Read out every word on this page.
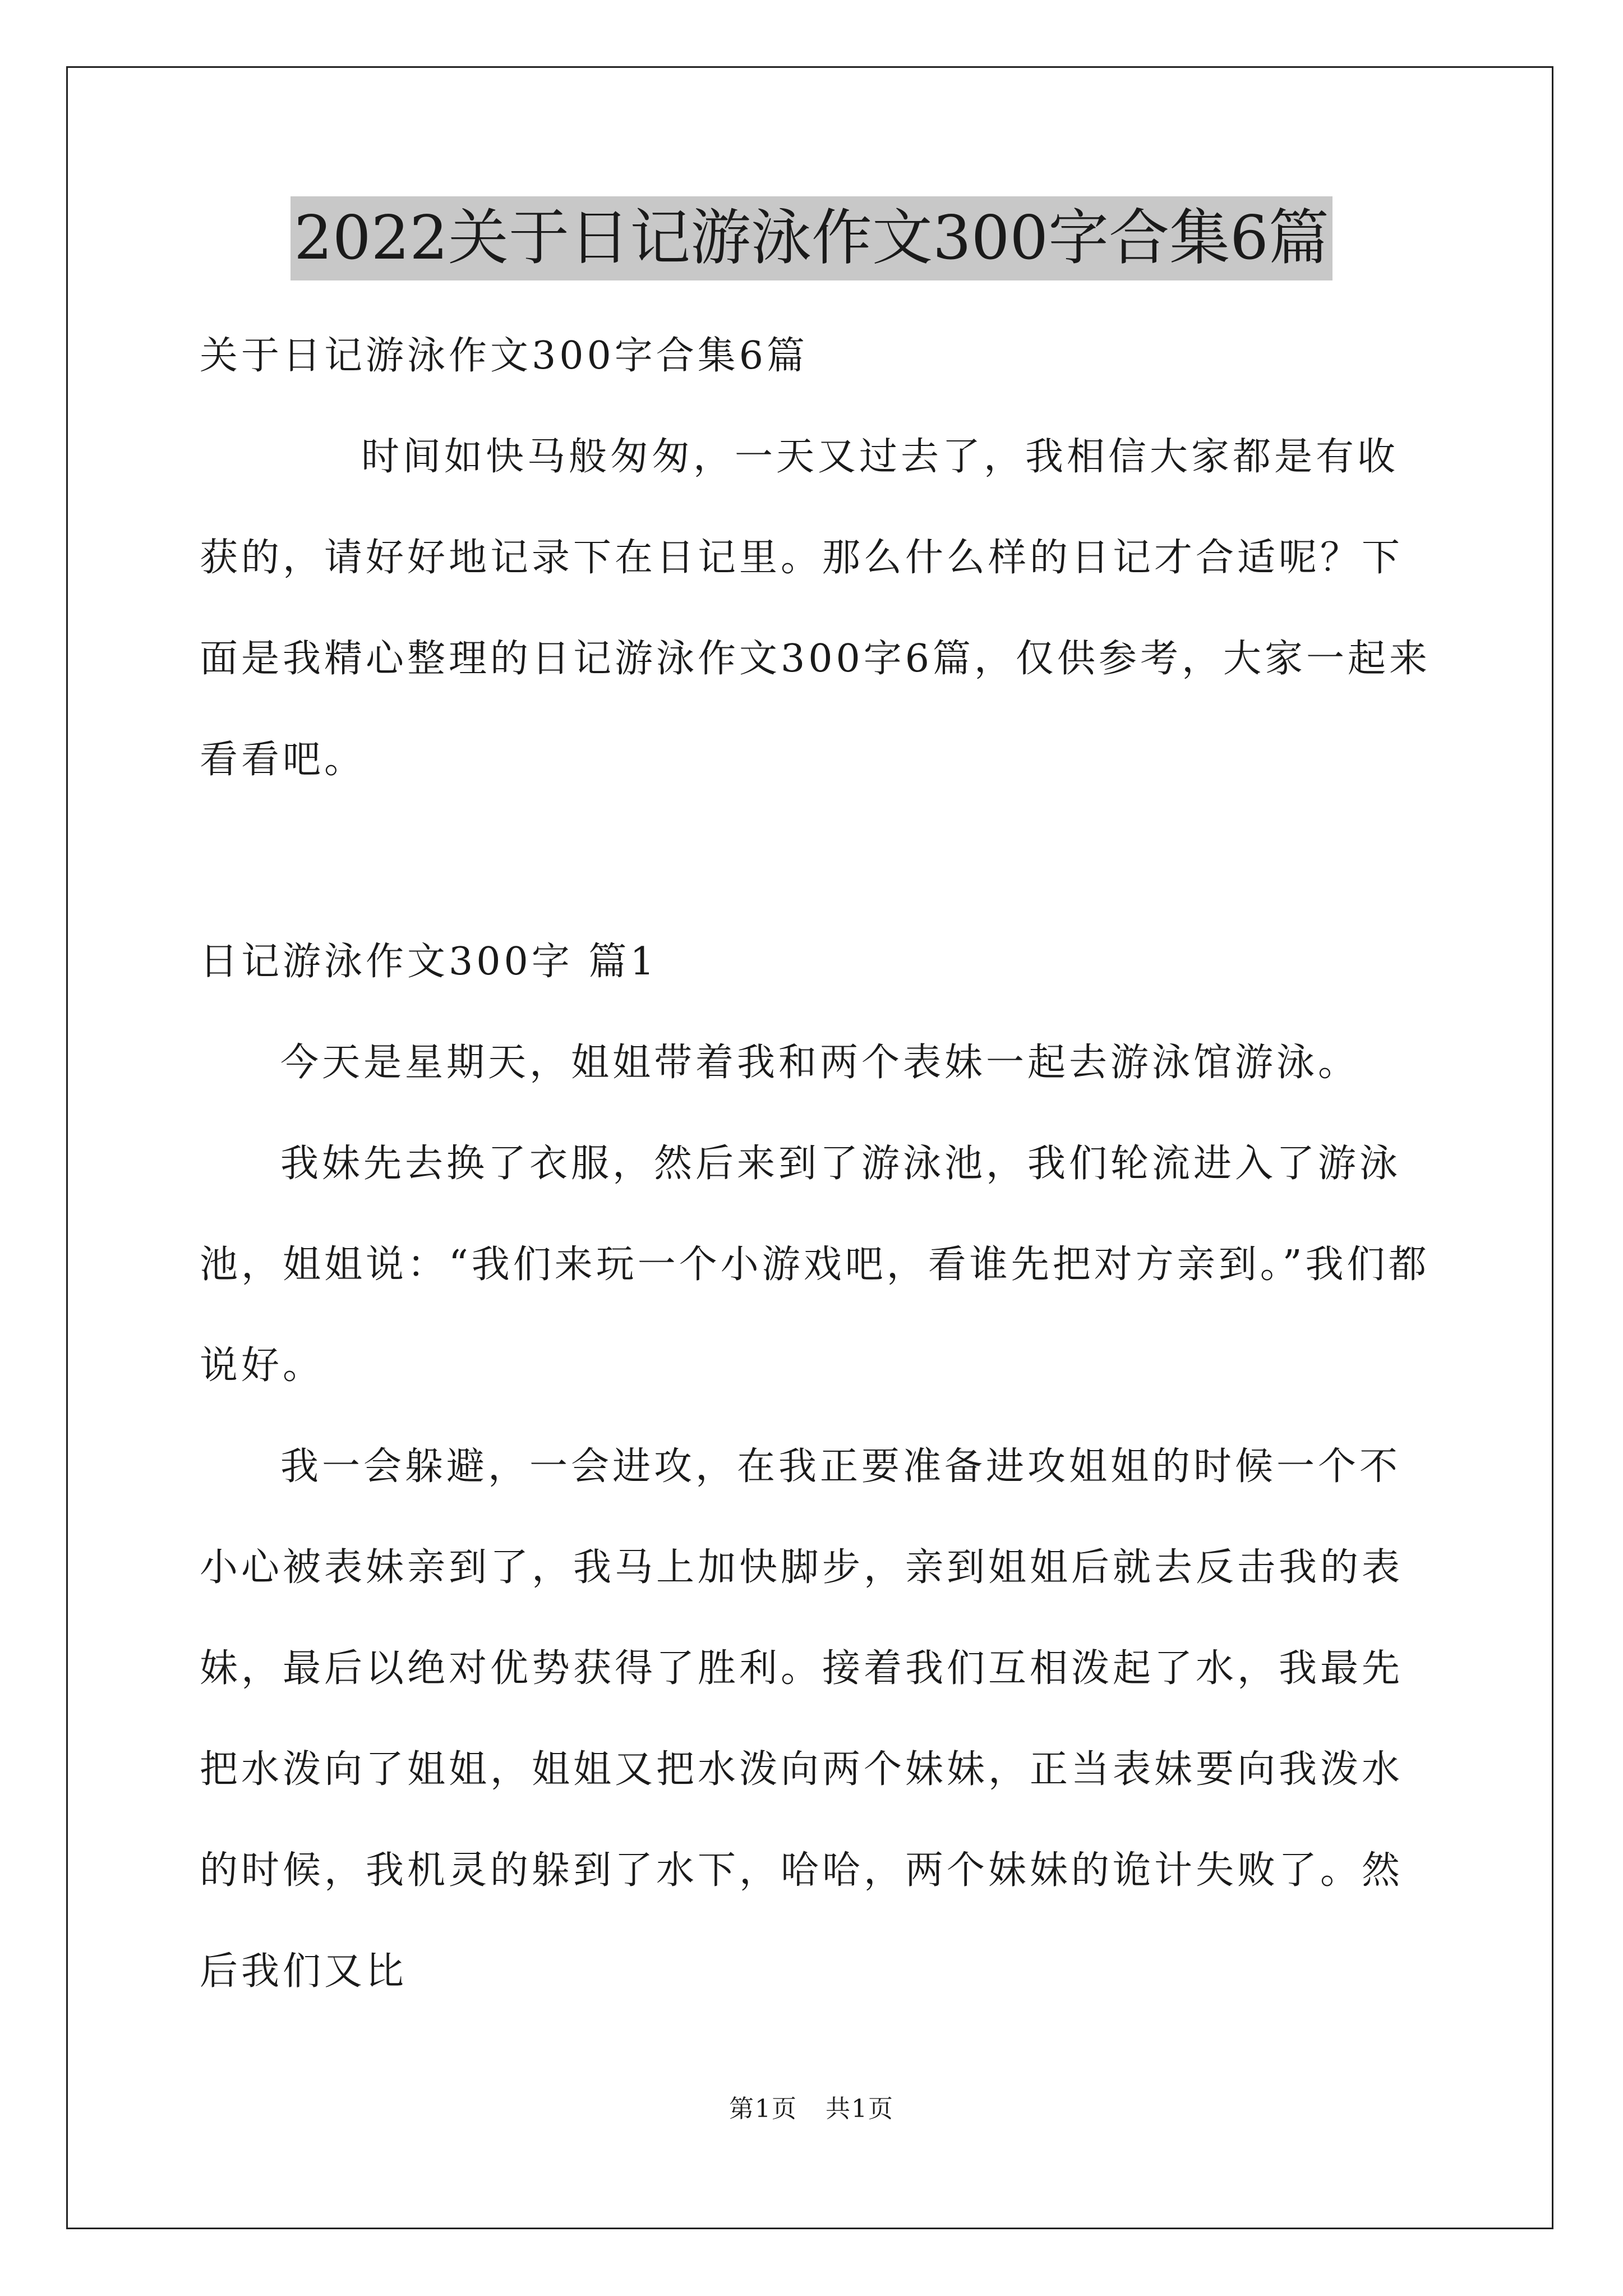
2022关于日记游泳作文300字合集6篇

关于日记游泳作文300字合集6篇

时间如快马般匆匆，一天又过去了，我相信大家都是有收获的，请好好地记录下在日记里。那么什么样的日记才合适呢？下面是我精心整理的日记游泳作文300字6篇，仅供参考，大家一起来看看吧。

日记游泳作文300字 篇1

今天是星期天，姐姐带着我和两个表妹一起去游泳馆游泳。

我妹先去换了衣服，然后来到了游泳池，我们轮流进入了游泳池，姐姐说：“我们来玩一个小游戏吧，看谁先把对方亲到。”我们都说好。

我一会躲避，一会进攻，在我正要准备进攻姐姐的时候一个不小心被表妹亲到了，我马上加快脚步，亲到姐姐后就去反击我的表妹，最后以绝对优势获得了胜利。接着我们互相泼起了水，我最先把水泼向了姐姐，姐姐又把水泼向两个妹妹，正当表妹要向我泼水的时候，我机灵的躲到了水下，哈哈，两个妹妹的诡计失败了。然后我们又比

第1页 共1页
